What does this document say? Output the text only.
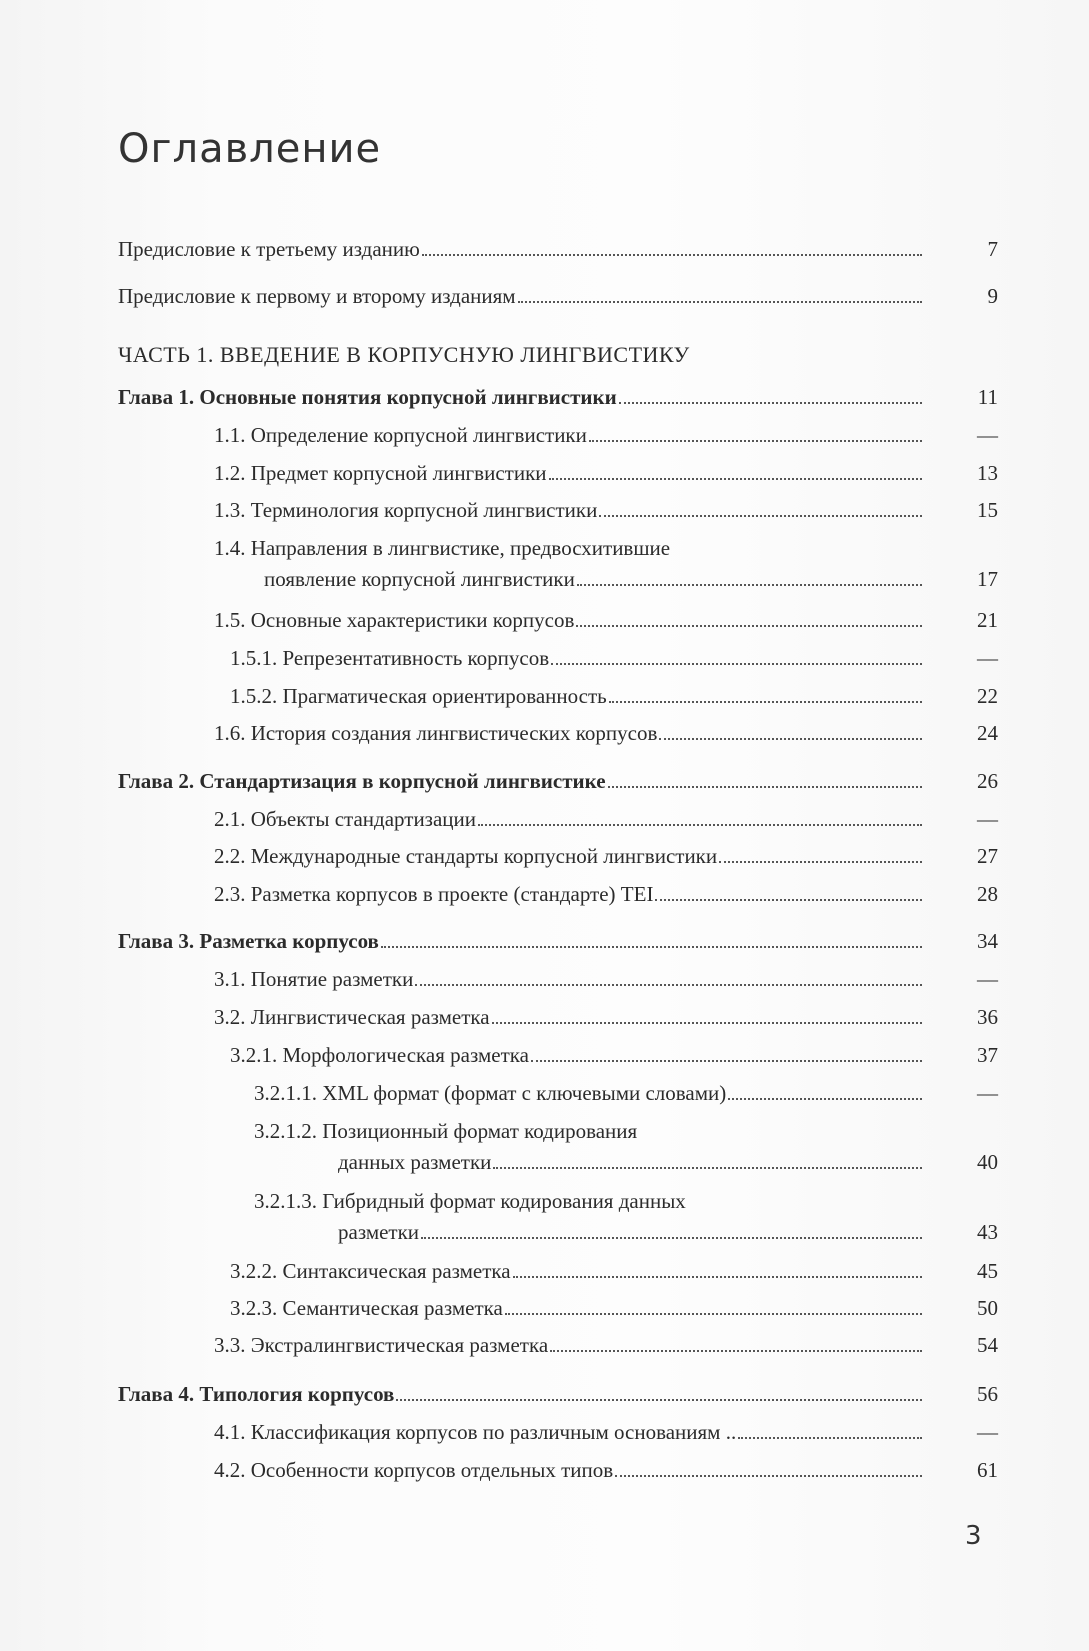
Оглавление
Предисловие к третьему изданию	7
Предисловие к первому и второму изданиям	9
ЧАСТЬ 1. ВВЕДЕНИЕ В КОРПУСНУЮ ЛИНГВИСТИКУ
Глава 1. Основные понятия корпусной лингвистики	11
1.1. Определение корпусной лингвистики	—
1.2. Предмет корпусной лингвистики	13
1.3. Терминология корпусной лингвистики	15
1.4. Направления в лингвистике, предвосхитившие
появление корпусной лингвистики	17
1.5. Основные характеристики корпусов	21
1.5.1. Репрезентативность корпусов	—
1.5.2. Прагматическая ориентированность	22
1.6. История создания лингвистических корпусов	24
Глава 2. Стандартизация в корпусной лингвистике	26
2.1. Объекты стандартизации	—
2.2. Международные стандарты корпусной лингвистики	27
2.3. Разметка корпусов в проекте (стандарте) TEI	28
Глава 3. Разметка корпусов	34
3.1. Понятие разметки	—
3.2. Лингвистическая разметка	36
3.2.1. Морфологическая разметка	37
3.2.1.1. XML формат (формат с ключевыми словами)	—
3.2.1.2. Позиционный формат кодирования
данных разметки	40
3.2.1.3. Гибридный формат кодирования данных
разметки	43
3.2.2. Синтаксическая разметка	45
3.2.3. Семантическая разметка	50
3.3. Экстралингвистическая разметка	54
Глава 4. Типология корпусов	56
4.1. Классификация корпусов по различным основаниям ..	—
4.2. Особенности корпусов отдельных типов	61
3
